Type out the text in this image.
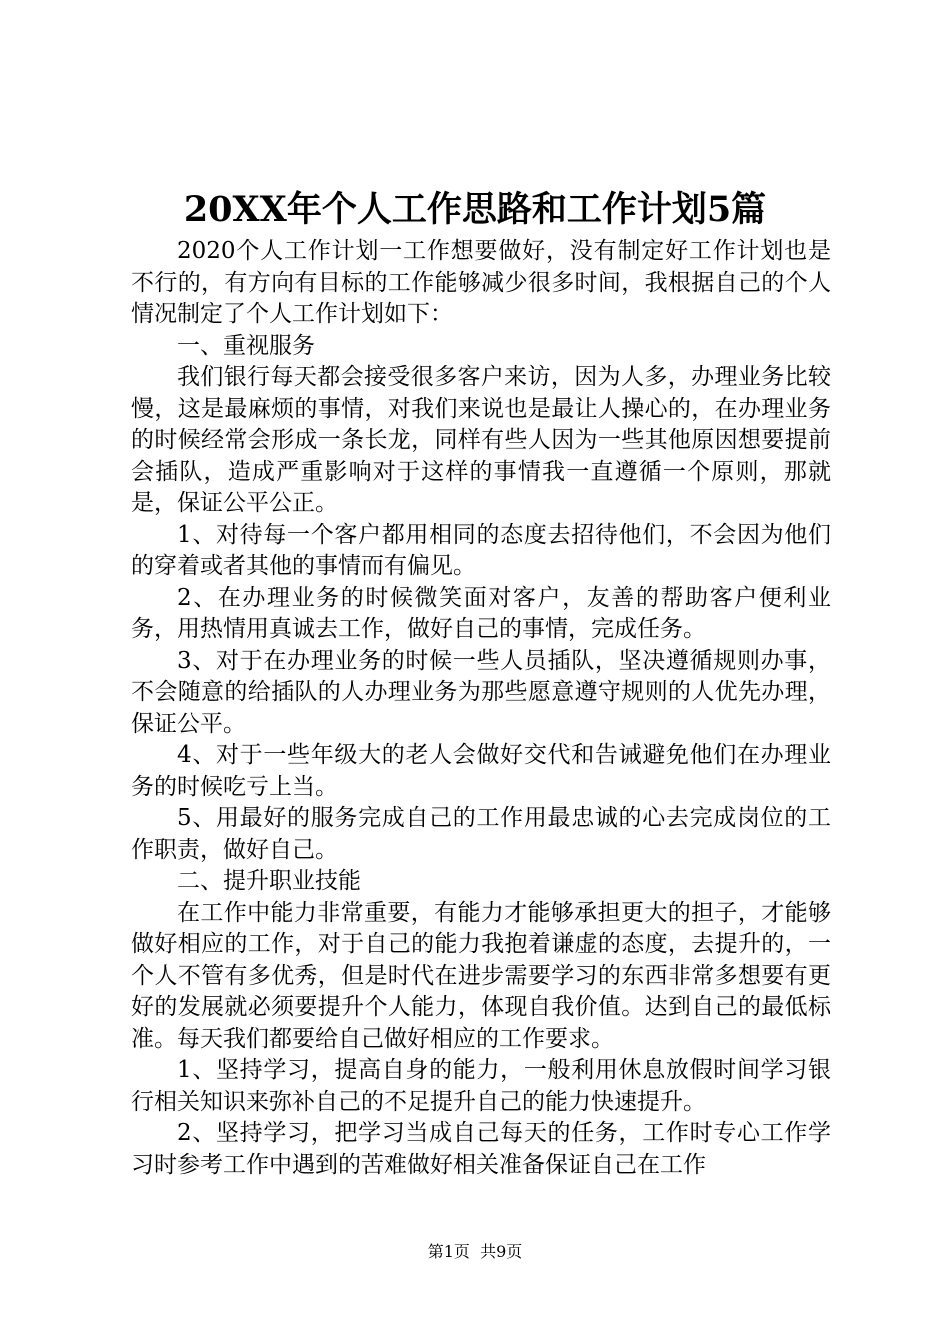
20XX年个人工作思路和工作计划5篇

2020个人工作计划一工作想要做好，没有制定好工作计划也是不行的，有方向有目标的工作能够减少很多时间，我根据自己的个人情况制定了个人工作计划如下：

一、重视服务

我们银行每天都会接受很多客户来访，因为人多，办理业务比较慢，这是最麻烦的事情，对我们来说也是最让人操心的，在办理业务的时候经常会形成一条长龙，同样有些人因为一些其他原因想要提前会插队，造成严重影响对于这样的事情我一直遵循一个原则，那就是，保证公平公正。

1、对待每一个客户都用相同的态度去招待他们，不会因为他们的穿着或者其他的事情而有偏见。

2、在办理业务的时候微笑面对客户，友善的帮助客户便利业务，用热情用真诚去工作，做好自己的事情，完成任务。

3、对于在办理业务的时候一些人员插队，坚决遵循规则办事，不会随意的给插队的人办理业务为那些愿意遵守规则的人优先办理，保证公平。

4、对于一些年级大的老人会做好交代和告诫避免他们在办理业务的时候吃亏上当。

5、用最好的服务完成自己的工作用最忠诚的心去完成岗位的工作职责，做好自己。

二、提升职业技能

在工作中能力非常重要，有能力才能够承担更大的担子，才能够做好相应的工作，对于自己的能力我抱着谦虚的态度，去提升的，一个人不管有多优秀，但是时代在进步需要学习的东西非常多想要有更好的发展就必须要提升个人能力，体现自我价值。达到自己的最低标准。每天我们都要给自己做好相应的工作要求。

1、坚持学习，提高自身的能力，一般利用休息放假时间学习银行相关知识来弥补自己的不足提升自己的能力快速提升。

2、坚持学习，把学习当成自己每天的任务，工作时专心工作学习时参考工作中遇到的苦难做好相关准备保证自己在工作

第1页 共9页
